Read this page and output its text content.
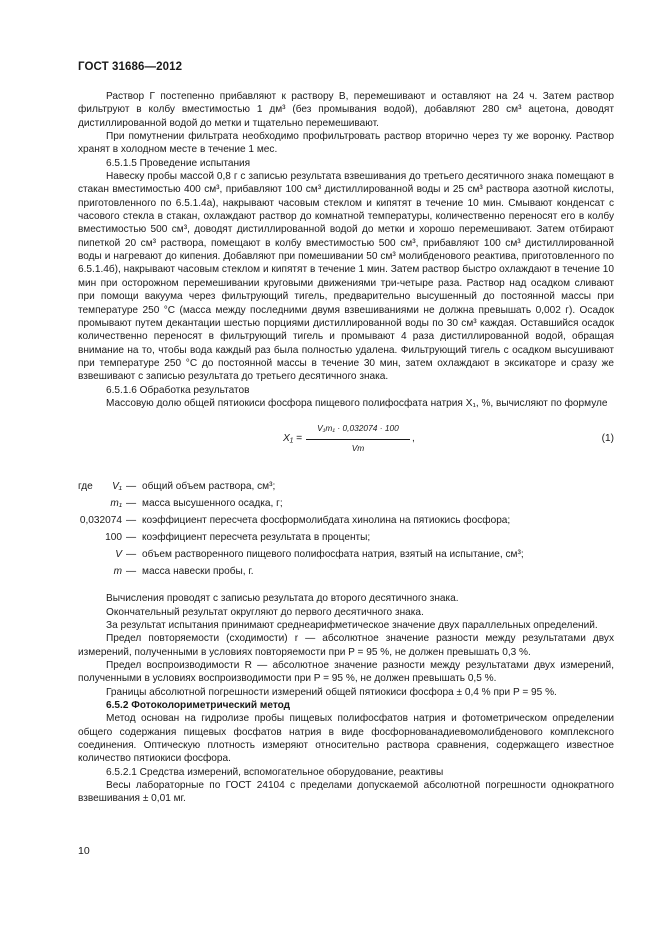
ГОСТ 31686—2012

Раствор Г постепенно прибавляют к раствору В, перемешивают и оставляют на 24 ч. Затем раствор фильтруют в колбу вместимостью 1 дм³ (без промывания водой), добавляют 280 см³ ацетона, доводят дистиллированной водой до метки и тщательно перемешивают.

При помутнении фильтрата необходимо профильтровать раствор вторично через ту же воронку. Раствор хранят в холодном месте в течение 1 мес.

6.5.1.5 Проведение испытания

Навеску пробы массой 0,8 г с записью результата взвешивания до третьего десятичного знака помещают в стакан вместимостью 400 см³, прибавляют 100 см³ дистиллированной воды и 25 см³ раствора азотной кислоты, приготовленного по 6.5.1.4а), накрывают часовым стеклом и кипятят в течение 10 мин. Смывают конденсат с часового стекла в стакан, охлаждают раствор до комнатной температуры, количественно переносят его в колбу вместимостью 500 см³, доводят дистиллированной водой до метки и хорошо перемешивают. Затем отбирают пипеткой 20 см³ раствора, помещают в колбу вместимостью 500 см³, прибавляют 100 см³ дистиллированной воды и нагревают до кипения. Добавляют при помешивании 50 см³ молибденового реактива, приготовленного по 6.5.1.4б), накрывают часовым стеклом и кипятят в течение 1 мин. Затем раствор быстро охлаждают в течение 10 мин при осторожном перемешивании круговыми движениями три-четыре раза. Раствор над осадком сливают при помощи вакуума через фильтрующий тигель, предварительно высушенный до постоянной массы при температуре 250 °С (масса между последними двумя взвешиваниями не должна превышать 0,002 г). Осадок промывают путем декантации шестью порциями дистиллированной воды по 30 см³ каждая. Оставшийся осадок количественно переносят в фильтрующий тигель и промывают 4 раза дистиллированной водой, обращая внимание на то, чтобы вода каждый раз была полностью удалена. Фильтрующий тигель с осадком высушивают при температуре 250 °С до постоянной массы в течение 30 мин, затем охлаждают в эксикаторе и сразу же взвешивают с записью результата до третьего десятичного знака.

6.5.1.6 Обработка результатов

Массовую долю общей пятиокиси фосфора пищевого полифосфата натрия X₁, %, вычисляют по формуле

$X_1 = \frac{\text{V₁m₁ · 0,032074 · 100}}{Vm}$ ,	(1)
где	V₁ — общий объем раствора, см³;
m₁ — масса высушенного осадка, г;
0,032074 — коэффициент пересчета фосформолибдата хинолина на пятиокись фосфора;
100 — коэффициент пересчета результата в проценты;
V — объем растворенного пищевого полифосфата натрия, взятый на испытание, см³;
m — масса навески пробы, г.

Вычисления проводят с записью результата до второго десятичного знака.

Окончательный результат округляют до первого десятичного знака.

За результат испытания принимают среднеарифметическое значение двух параллельных определений.

Предел повторяемости (сходимости) r — абсолютное значение разности между результатами двух измерений, полученными в условиях повторяемости при P = 95 %, не должен превышать 0,3 %.

Предел воспроизводимости R — абсолютное значение разности между результатами двух измерений, полученными в условиях воспроизводимости при P = 95 %, не должен превышать 0,5 %.

Границы абсолютной погрешности измерений общей пятиокиси фосфора ± 0,4 % при P = 95 %.

6.5.2 Фотоколориметрический метод

Метод основан на гидролизе пробы пищевых полифосфатов натрия и фотометрическом определении общего содержания пищевых фосфатов натрия в виде фосфорнованадиевомолибденового комплексного соединения. Оптическую плотность измеряют относительно раствора сравнения, содержащего известное количество пятиокиси фосфора.

6.5.2.1 Средства измерений, вспомогательное оборудование, реактивы

Весы лабораторные по ГОСТ 24104 с пределами допускаемой абсолютной погрешности однократного взвешивания ± 0,01 мг.

10
